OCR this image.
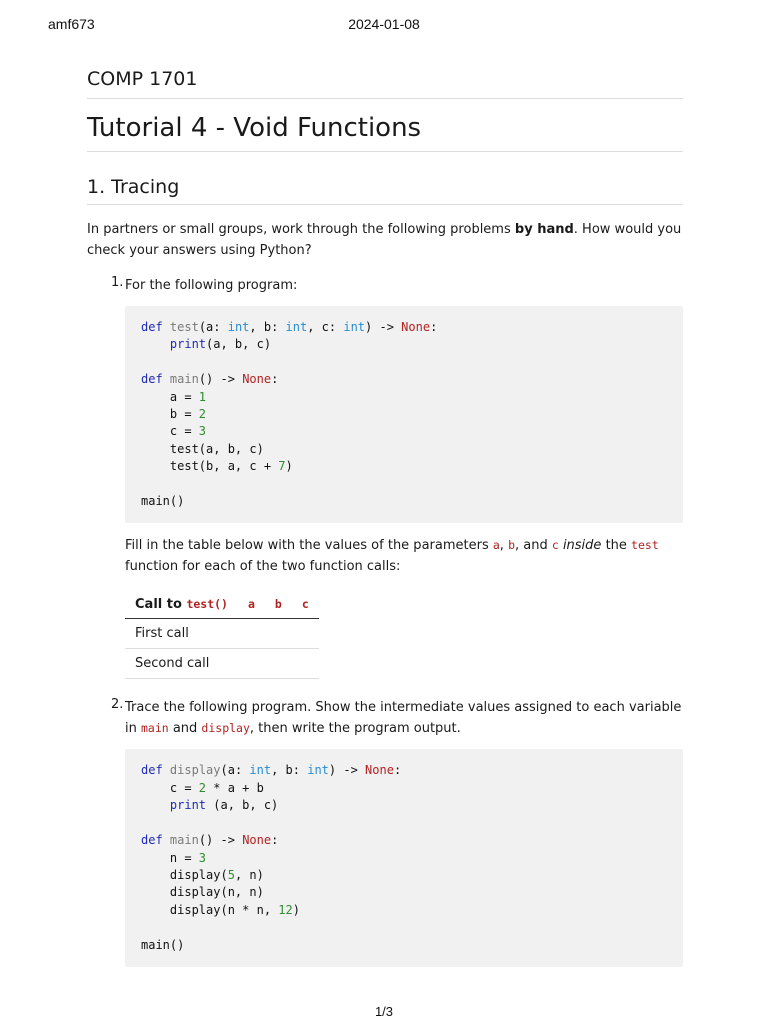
amf673	2024-01-08
COMP 1701
Tutorial 4 - Void Functions
1. Tracing

In partners or small groups, work through the following problems by hand. How would you check your answers using Python?

1. For the following program:

def test(a: int, b: int, c: int) -> None:
print(a, b, c)

def main() -> None:
a = 1
b = 2
c = 3
test(a, b, c)
test(b, a, c + 7)

main()

Fill in the table below with the values of the parameters a, b, and c inside the test function for each of the two function calls:

Call to test()	a	b	c
First call			
Second call			
2. Trace the following program. Show the intermediate values assigned to each variable in main and display, then write the program output.

def display(a: int, b: int) -> None:
c = 2 * a + b
print (a, b, c)

def main() -> None:
n = 3
display(5, n)
display(n, n)
display(n * n, 12)

main()
1/3
